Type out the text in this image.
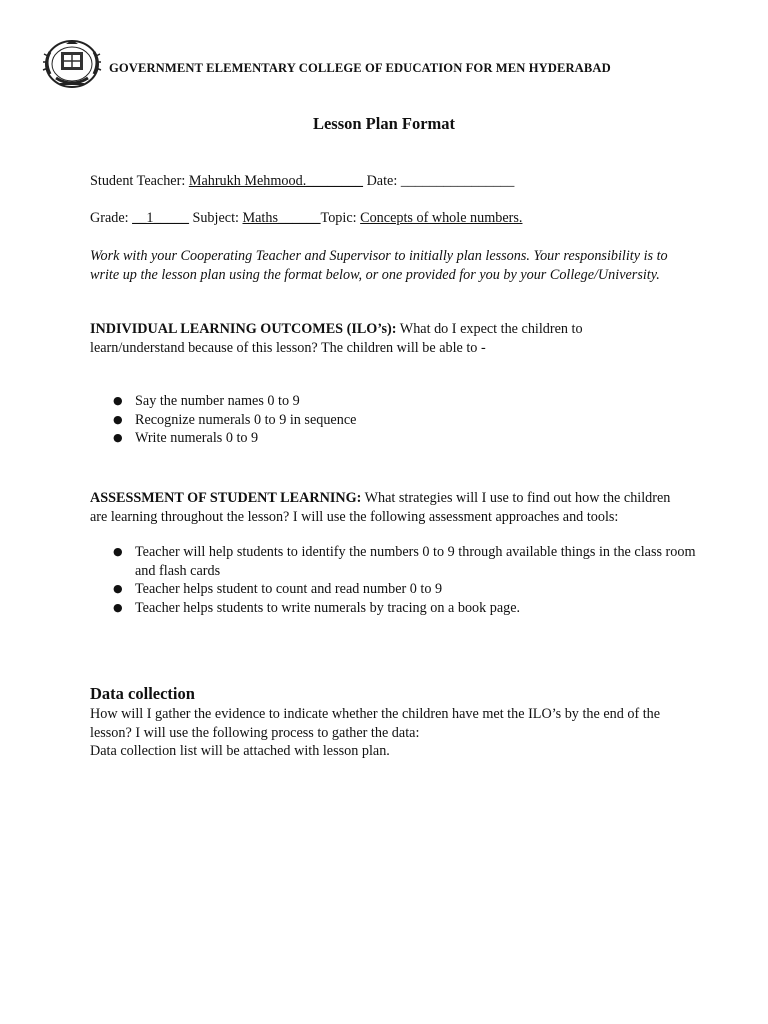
GOVERNMENT ELEMENTARY COLLEGE OF EDUCATION FOR MEN HYDERABAD
Lesson Plan Format
Student Teacher: Mahrukh Mehmood.________ Date: ________________
Grade: __1_____ Subject: Maths______Topic: Concepts of whole numbers.
Work with your Cooperating Teacher and Supervisor to initially plan lessons. Your responsibility is to write up the lesson plan using the format below, or one provided for you by your College/University.
INDIVIDUAL LEARNING OUTCOMES (ILO’s): What do I expect the children to learn/understand because of this lesson? The children will be able to -
● Say the number names 0 to 9
● Recognize numerals 0 to 9 in sequence
● Write numerals 0 to 9
ASSESSMENT OF STUDENT LEARNING: What strategies will I use to find out how the children are learning throughout the lesson? I will use the following assessment approaches and tools:
● Teacher will help students to identify the numbers 0 to 9 through available things in the class room and flash cards
● Teacher helps student to count and read number 0 to 9
● Teacher helps students to write numerals by tracing on a book page.
Data collection
How will I gather the evidence to indicate whether the children have met the ILO’s by the end of the lesson? I will use the following process to gather the data:
Data collection list will be attached with lesson plan.
